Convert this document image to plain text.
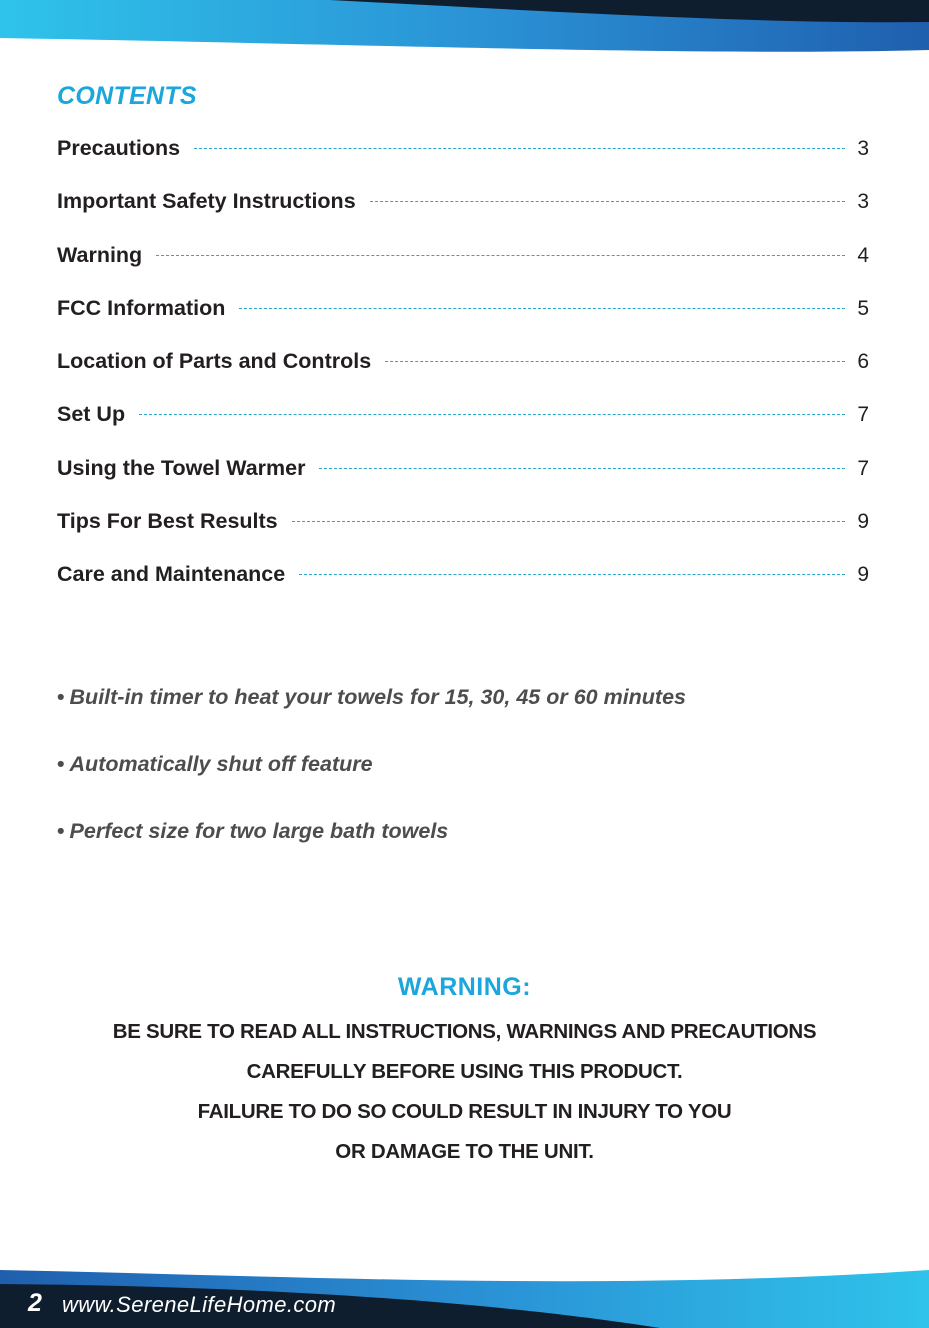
CONTENTS
Precautions	3
Important Safety Instructions	3
Warning	4
FCC Information	5
Location of Parts and Controls	6
Set Up	7
Using the Towel Warmer	7
Tips For Best Results	9
Care and Maintenance	9
• Built-in timer to heat your towels for 15, 30, 45 or 60 minutes
• Automatically shut off feature
• Perfect size for two large bath towels
WARNING:
BE SURE TO READ ALL INSTRUCTIONS, WARNINGS AND PRECAUTIONS
CAREFULLY BEFORE USING THIS PRODUCT.
FAILURE TO DO SO COULD RESULT IN INJURY TO YOU
OR DAMAGE TO THE UNIT.
2 www.SereneLifeHome.com
